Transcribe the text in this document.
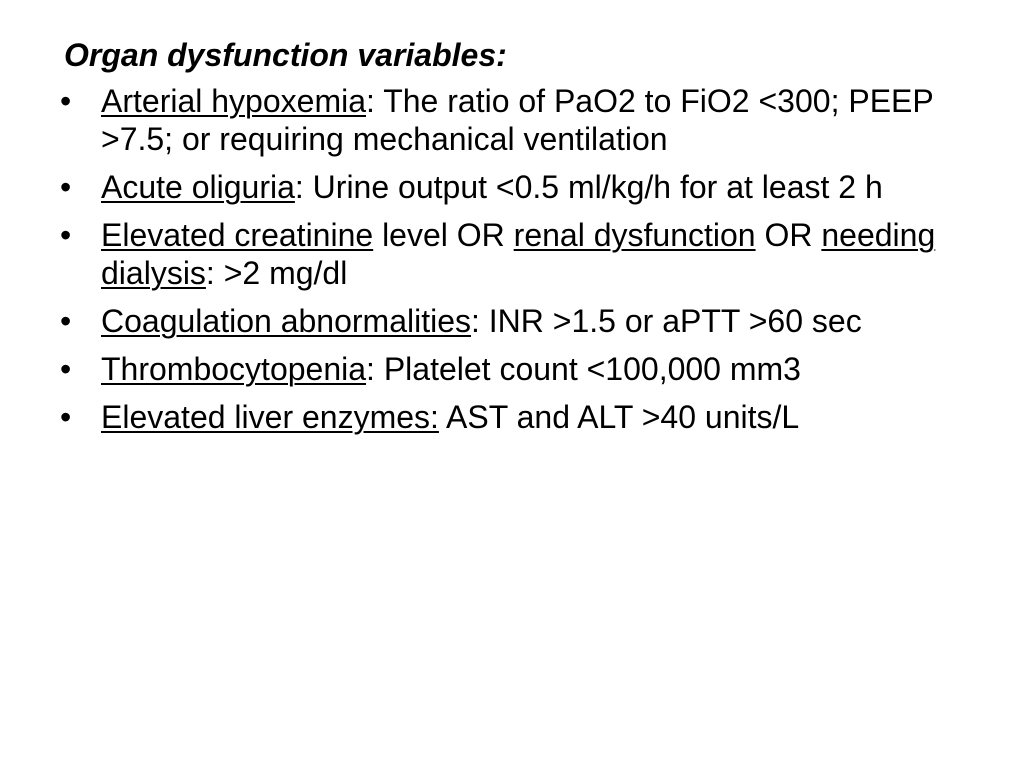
Organ dysfunction variables:
• Arterial hypoxemia: The ratio of PaO2 to FiO2 <300; PEEP >7.5; or requiring mechanical ventilation
• Acute oliguria: Urine output <0.5 ml/kg/h for at least 2 h
• Elevated creatinine level OR renal dysfunction OR needing dialysis: >2 mg/dl
• Coagulation abnormalities: INR >1.5 or aPTT >60 sec
• Thrombocytopenia: Platelet count <100,000 mm3
• Elevated liver enzymes: AST and ALT >40 units/L
